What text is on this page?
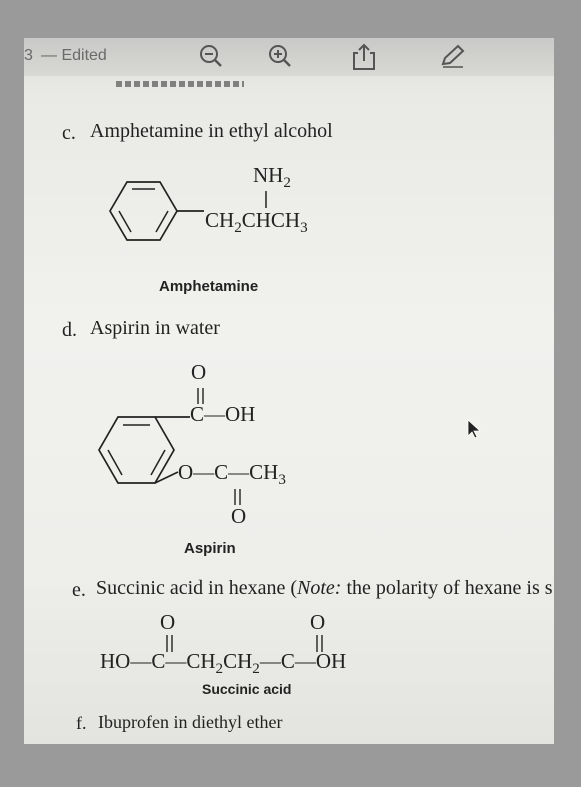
3 — Edited
c. Amphetamine in ethyl alcohol
$NH_2$
$CH_2CHCH_3$
Amphetamine
d. Aspirin in water
O
C—OH
$O—C—CH_3$
O
Aspirin
e. Succinic acid in hexane (Note: the polarity of hexane is s
O	O
$HO—C—CH_2CH_2—C—OH$
Succinic acid
f. Ibuprofen in diethyl ether
